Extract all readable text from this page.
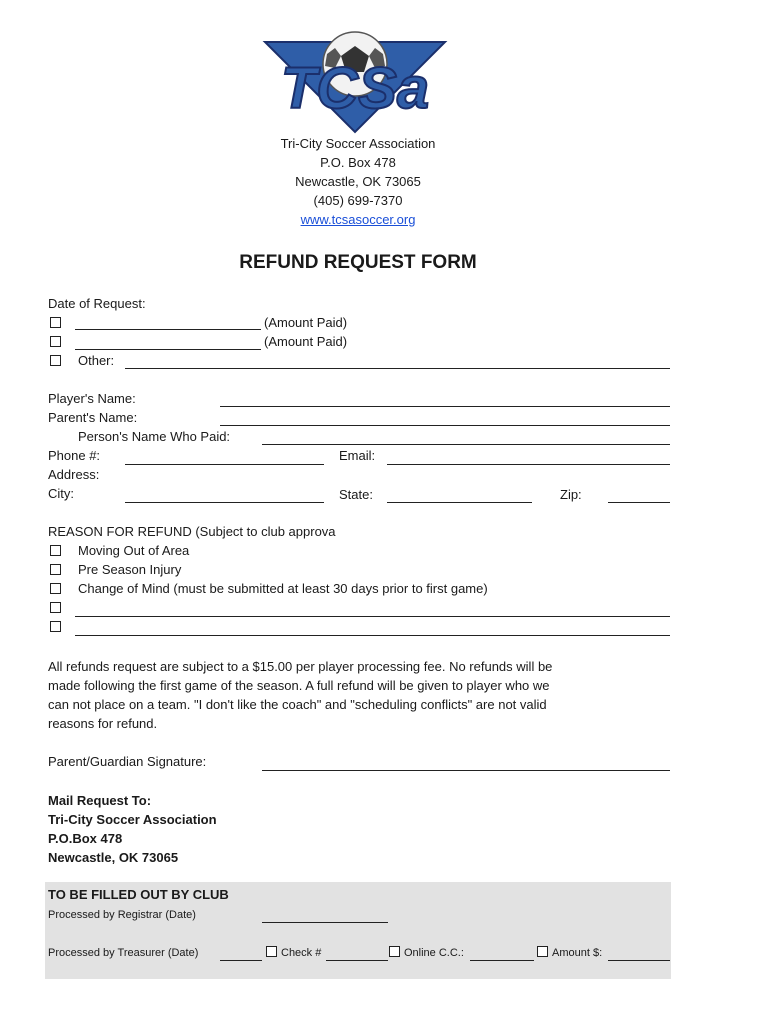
TCSa
Tri-City Soccer Association
P.O. Box 478
Newcastle, OK 73065
(405) 699-7370
www.tcsasoccer.org
REFUND REQUEST FORM
Date of Request:
(Amount Paid)
(Amount Paid)
Other:
Player's Name:
Parent's Name:
Person's Name Who Paid:
Phone #:	Email:
Address:
City:	State:	Zip:
REASON FOR REFUND (Subject to club approva
Moving Out of Area
Pre Season Injury
Change of Mind (must be submitted at least 30 days prior to first game)
All refunds request are subject to a $15.00 per player processing fee. No refunds will be
made following the first game of the season. A full refund will be given to player who we
can not place on a team. "I don't like the coach" and "scheduling conflicts" are not valid
reasons for refund.
Parent/Guardian Signature:
Mail Request To:
Tri-City Soccer Association
P.O.Box 478
Newcastle, OK 73065
TO BE FILLED OUT BY CLUB
Processed by Registrar (Date)
Processed by Treasurer (Date)	Check #	Online C.C.:	Amount $:
